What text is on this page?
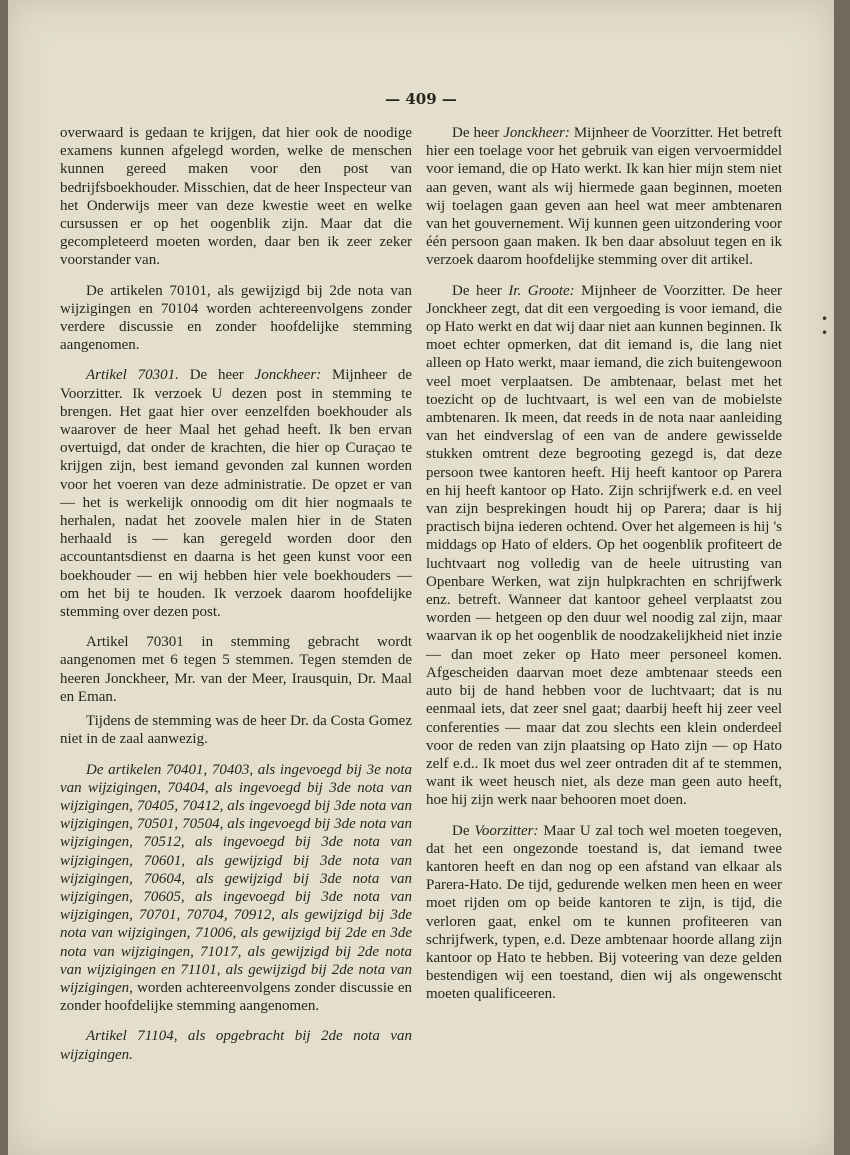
— 409 —

overwaard is gedaan te krijgen, dat hier ook de noodige examens kunnen afgelegd worden, welke de menschen kunnen gereed maken voor den post van bedrijfsboekhouder. Misschien, dat de heer Inspecteur van het Onderwijs meer van deze kwestie weet en welke cursussen er op het oogenblik zijn. Maar dat die gecompleteerd moeten worden, daar ben ik zeer zeker voorstander van.

De artikelen 70101, als gewijzigd bij 2de nota van wijzigingen en 70104 worden achtereenvolgens zonder verdere discussie en zonder hoofdelijke stemming aangenomen.

Artikel 70301. De heer Jonckheer: Mijnheer de Voorzitter. Ik verzoek U dezen post in stemming te brengen. Het gaat hier over eenzelfden boekhouder als waarover de heer Maal het gehad heeft. Ik ben ervan overtuigd, dat onder de krachten, die hier op Curaçao te krijgen zijn, best iemand gevonden zal kunnen worden voor het voeren van deze administratie. De opzet er van — het is werkelijk onnoodig om dit hier nogmaals te herhalen, nadat het zoovele malen hier in de Staten herhaald is — kan geregeld worden door den accountantsdienst en daarna is het geen kunst voor een boekhouder — en wij hebben hier vele boekhouders — om het bij te houden. Ik verzoek daarom hoofdelijke stemming over dezen post.

Artikel 70301 in stemming gebracht wordt aangenomen met 6 tegen 5 stemmen. Tegen stemden de heeren Jonckheer, Mr. van der Meer, Irausquin, Dr. Maal en Eman.

Tijdens de stemming was de heer Dr. da Costa Gomez niet in de zaal aanwezig.

De artikelen 70401, 70403, als ingevoegd bij 3e nota van wijzigingen, 70404, als ingevoegd bij 3de nota van wijzigingen, 70405, 70412, als ingevoegd bij 3de nota van wijzigingen, 70501, 70504, als ingevoegd bij 3de nota van wijzigingen, 70512, als ingevoegd bij 3de nota van wijzigingen, 70601, als gewijzigd bij 3de nota van wijzigingen, 70604, als gewijzigd bij 3de nota van wijzigingen, 70605, als ingevoegd bij 3de nota van wijzigingen, 70701, 70704, 70912, als gewijzigd bij 3de nota van wijzigingen, 71006, als gewijzigd bij 2de en 3de nota van wijzigingen, 71017, als gewijzigd bij 2de nota van wijzigingen en 71101, als gewijzigd bij 2de nota van wijzigingen, worden achtereenvolgens zonder discussie en zonder hoofdelijke stemming aangenomen.

Artikel 71104, als opgebracht bij 2de nota van wijzigingen.

De heer Jonckheer: Mijnheer de Voorzitter. Het betreft hier een toelage voor het gebruik van eigen vervoermiddel voor iemand, die op Hato werkt. Ik kan hier mijn stem niet aan geven, want als wij hiermede gaan beginnen, moeten wij toelagen gaan geven aan heel wat meer ambtenaren van het gouvernement. Wij kunnen geen uitzondering voor één persoon gaan maken. Ik ben daar absoluut tegen en ik verzoek daarom hoofdelijke stemming over dit artikel.

De heer Ir. Groote: Mijnheer de Voorzitter. De heer Jonckheer zegt, dat dit een vergoeding is voor iemand, die op Hato werkt en dat wij daar niet aan kunnen beginnen. Ik moet echter opmerken, dat dit iemand is, die lang niet alleen op Hato werkt, maar iemand, die zich buitengewoon veel moet verplaatsen. De ambtenaar, belast met het toezicht op de luchtvaart, is wel een van de mobielste ambtenaren. Ik meen, dat reeds in de nota naar aanleiding van het eindverslag of een van de andere gewisselde stukken omtrent deze begrooting gezegd is, dat deze persoon twee kantoren heeft. Hij heeft kantoor op Parera en hij heeft kantoor op Hato. Zijn schrijfwerk e.d. en veel van zijn besprekingen houdt hij op Parera; daar is hij practisch bijna iederen ochtend. Over het algemeen is hij 's middags op Hato of elders. Op het oogenblik profiteert de luchtvaart nog volledig van de heele uitrusting van Openbare Werken, wat zijn hulpkrachten en schrijfwerk enz. betreft. Wanneer dat kantoor geheel verplaatst zou worden — hetgeen op den duur wel noodig zal zijn, maar waarvan ik op het oogenblik de noodzakelijkheid niet inzie — dan moet zeker op Hato meer personeel komen. Afgescheiden daarvan moet deze ambtenaar steeds een auto bij de hand hebben voor de luchtvaart; dat is nu eenmaal iets, dat zeer snel gaat; daarbij heeft hij zeer veel conferenties — maar dat zou slechts een klein onderdeel voor de reden van zijn plaatsing op Hato zijn — op Hato zelf e.d.. Ik moet dus wel zeer ontraden dit af te stemmen, want ik weet heusch niet, als deze man geen auto heeft, hoe hij zijn werk naar behooren moet doen.

De Voorzitter: Maar U zal toch wel moeten toegeven, dat het een ongezonde toestand is, dat iemand twee kantoren heeft en dan nog op een afstand van elkaar als Parera-Hato. De tijd, gedurende welken men heen en weer moet rijden om op beide kantoren te zijn, is tijd, die verloren gaat, enkel om te kunnen profiteeren van schrijfwerk, typen, e.d. Deze ambtenaar hoorde allang zijn kantoor op Hato te hebben. Bij voteering van deze gelden bestendigen wij een toestand, dien wij als ongewenscht moeten qualificeeren.

• •
